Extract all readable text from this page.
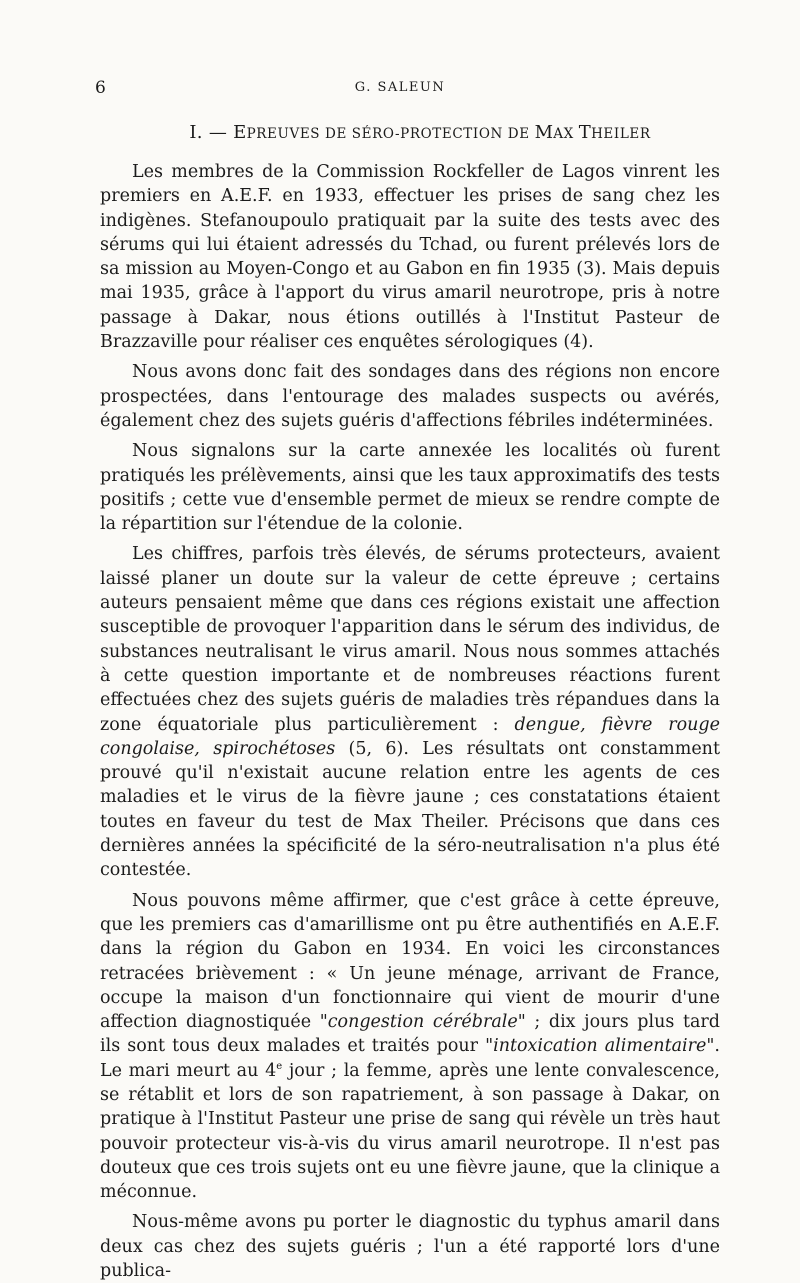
6	G. SALEUN
I. — EPREUVES DE SÉRO-PROTECTION DE MAX THEILER

Les membres de la Commission Rockfeller de Lagos vinrent les premiers en A.E.F. en 1933, effectuer les prises de sang chez les indigènes. Stefanoupoulo pratiquait par la suite des tests avec des sérums qui lui étaient adressés du Tchad, ou furent prélevés lors de sa mission au Moyen-Congo et au Gabon en fin 1935 (3). Mais depuis mai 1935, grâce à l'apport du virus amaril neurotrope, pris à notre passage à Dakar, nous étions outillés à l'Institut Pasteur de Brazzaville pour réaliser ces enquêtes sérologiques (4).

Nous avons donc fait des sondages dans des régions non encore prospectées, dans l'entourage des malades suspects ou avérés, également chez des sujets guéris d'affections fébriles indéterminées.

Nous signalons sur la carte annexée les localités où furent pratiqués les prélèvements, ainsi que les taux approximatifs des tests positifs ; cette vue d'ensemble permet de mieux se rendre compte de la répartition sur l'étendue de la colonie.

Les chiffres, parfois très élevés, de sérums protecteurs, avaient laissé planer un doute sur la valeur de cette épreuve ; certains auteurs pensaient même que dans ces régions existait une affection susceptible de provoquer l'apparition dans le sérum des individus, de substances neutralisant le virus amaril. Nous nous sommes attachés à cette question importante et de nombreuses réactions furent effectuées chez des sujets guéris de maladies très répandues dans la zone équatoriale plus particulièrement : dengue, fièvre rouge congolaise, spirochétoses (5, 6). Les résultats ont constamment prouvé qu'il n'existait aucune relation entre les agents de ces maladies et le virus de la fièvre jaune ; ces constatations étaient toutes en faveur du test de Max Theiler. Précisons que dans ces dernières années la spécificité de la séro-neutralisation n'a plus été contestée.

Nous pouvons même affirmer, que c'est grâce à cette épreuve, que les premiers cas d'amarillisme ont pu être authentifiés en A.E.F. dans la région du Gabon en 1934. En voici les circonstances retracées brièvement : « Un jeune ménage, arrivant de France, occupe la maison d'un fonctionnaire qui vient de mourir d'une affection diagnostiquée "congestion cérébrale" ; dix jours plus tard ils sont tous deux malades et traités pour "intoxication alimentaire". Le mari meurt au 4e jour ; la femme, après une lente convalescence, se rétablit et lors de son rapatriement, à son passage à Dakar, on pratique à l'Institut Pasteur une prise de sang qui révèle un très haut pouvoir protecteur vis-à-vis du virus amaril neurotrope. Il n'est pas douteux que ces trois sujets ont eu une fièvre jaune, que la clinique a méconnue.

Nous-même avons pu porter le diagnostic du typhus amaril dans deux cas chez des sujets guéris ; l'un a été rapporté lors d'une publica-
